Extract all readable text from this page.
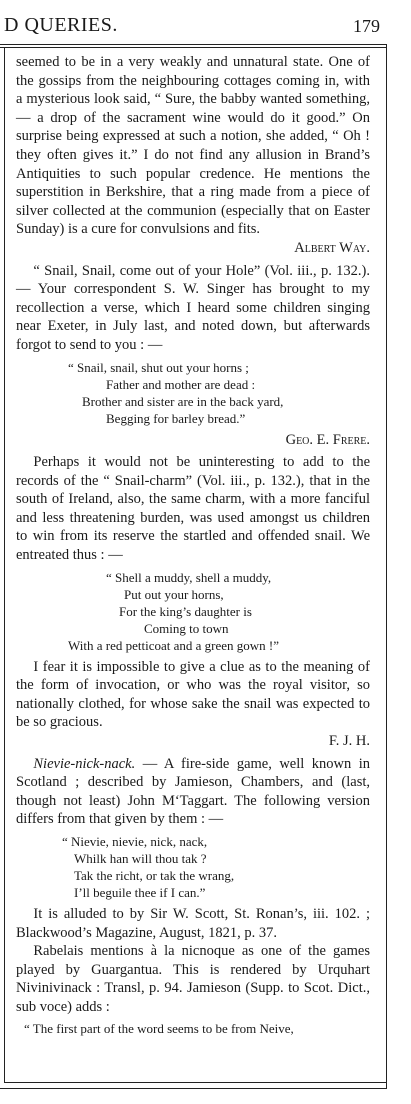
D QUERIES.	179

seemed to be in a very weakly and unnatural state. One of the gossips from the neighbouring cottages coming in, with a mysterious look said, “ Sure, the babby wanted something, — a drop of the sacrament wine would do it good.” On surprise being expressed at such a notion, she added, “ Oh ! they often gives it.” I do not find any allusion in Brand’s Antiquities to such popular credence. He mentions the superstition in Berkshire, that a ring made from a piece of silver collected at the communion (especially that on Easter Sunday) is a cure for convulsions and fits.

Albert Way.

“ Snail, Snail, come out of your Hole” (Vol. iii., p. 132.). — Your correspondent S. W. Singer has brought to my recollection a verse, which I heard some children singing near Exeter, in July last, and noted down, but afterwards forgot to send to you : —

“ Snail, snail, shut out your horns ;
Father and mother are dead :
Brother and sister are in the back yard,
Begging for barley bread.”

Geo. E. Frere.

Perhaps it would not be uninteresting to add to the records of the “ Snail-charm” (Vol. iii., p. 132.), that in the south of Ireland, also, the same charm, with a more fanciful and less threatening burden, was used amongst us children to win from its reserve the startled and offended snail. We entreated thus : —

“ Shell a muddy, shell a muddy,
Put out your horns,
For the king’s daughter is
Coming to town
With a red petticoat and a green gown !”

I fear it is impossible to give a clue as to the meaning of the form of invocation, or who was the royal visitor, so nationally clothed, for whose sake the snail was expected to be so gracious.

F. J. H.

Nievie-nick-nack. — A fire-side game, well known in Scotland ; described by Jamieson, Chambers, and (last, though not least) John M‘Taggart. The following version differs from that given by them : —

“ Nievie, nievie, nick, nack,
Whilk han will thou tak ?
Tak the richt, or tak the wrang,
I’ll beguile thee if I can.”

It is alluded to by Sir W. Scott, St. Ronan’s, iii. 102. ; Blackwood’s Magazine, August, 1821, p. 37.

Rabelais mentions à la nicnoque as one of the games played by Guargantua. This is rendered by Urquhart Nivinivinack : Transl, p. 94. Jamieson (Supp. to Scot. Dict., sub voce) adds :

“ The first part of the word seems to be from Neive,
